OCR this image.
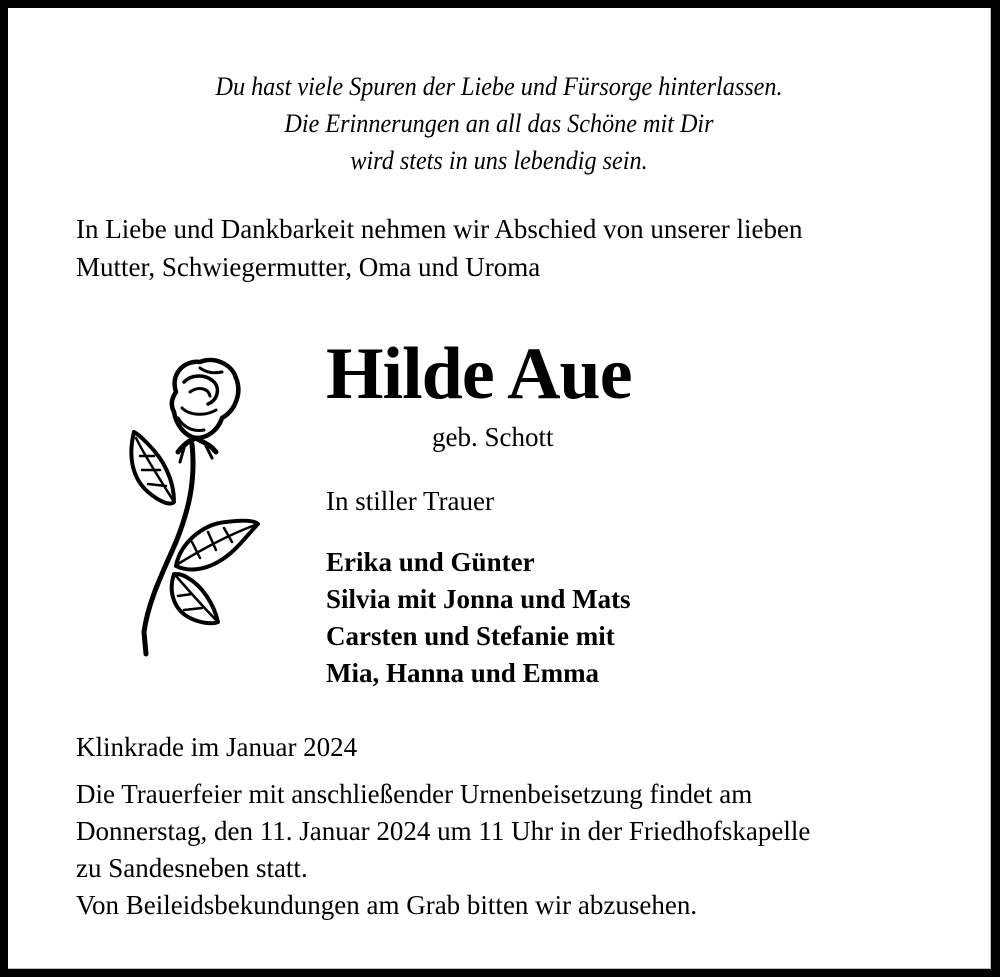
Du hast viele Spuren der Liebe und Fürsorge hinterlassen.
Die Erinnerungen an all das Schöne mit Dir
wird stets in uns lebendig sein.
In Liebe und Dankbarkeit nehmen wir Abschied von unserer lieben
Mutter, Schwiegermutter, Oma und Uroma
Hilde Aue
geb. Schott
In stiller Trauer
Erika und Günter
Silvia mit Jonna und Mats
Carsten und Stefanie mit
Mia, Hanna und Emma
Klinkrade im Januar 2024
Die Trauerfeier mit anschließender Urnenbeisetzung findet am
Donnerstag, den 11. Januar 2024 um 11 Uhr in der Friedhofskapelle
zu Sandesneben statt.
Von Beileidsbekundungen am Grab bitten wir abzusehen.
